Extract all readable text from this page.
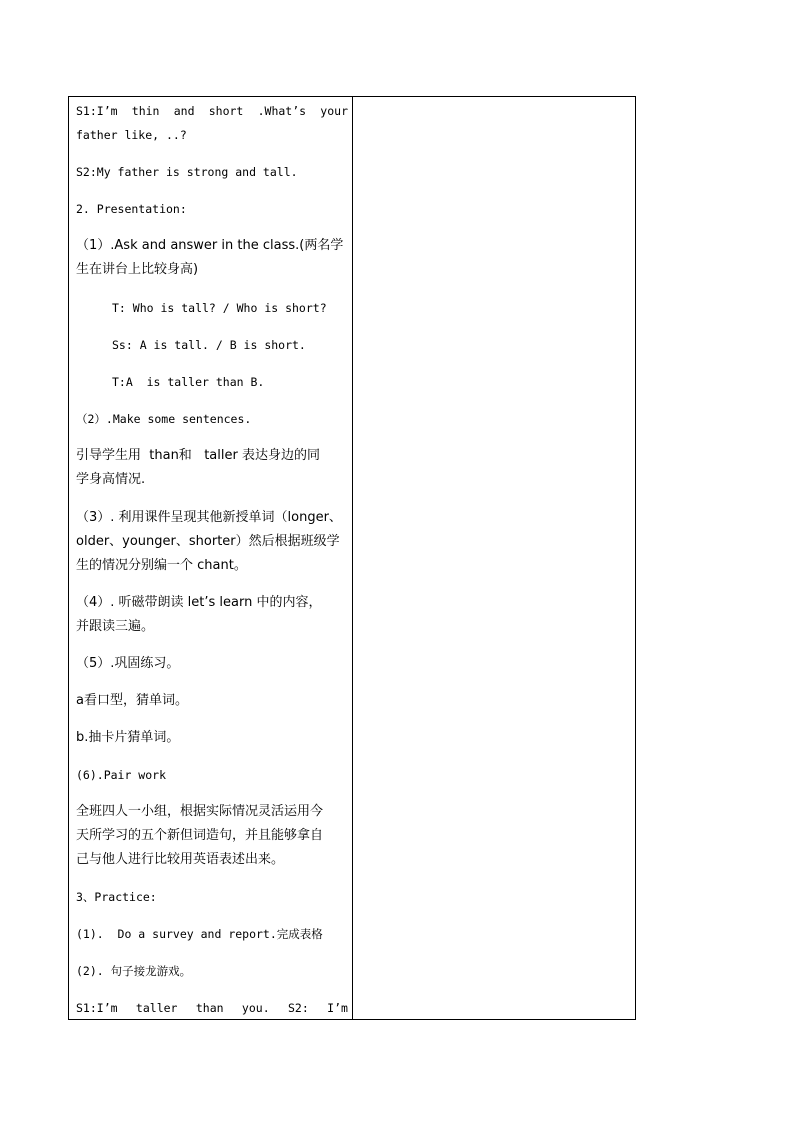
S1:I’m thin and short .What’s your
father like, ..?
S2:My father is strong and tall.
2. Presentation:
（1）.Ask and answer in the class.(两名学
生在讲台上比较身高)
T: Who is tall? / Who is short?
Ss: A is tall. / B is short.
T:A  is taller than B.
（2）.Make some sentences.
引导学生用  than和   taller 表达身边的同
学身高情况.
（3）. 利用课件呈现其他新授单词（longer、
older、younger、shorter）然后根据班级学
生的情况分别编一个 chant。
（4）. 听磁带朗读 let’s learn 中的内容，
并跟读三遍。
（5）.巩固练习。
a看口型，猜单词。
b.抽卡片猜单词。
(6).Pair work
全班四人一小组，根据实际情况灵活运用今
天所学习的五个新但词造句，并且能够拿自
己与他人进行比较用英语表述出来。
3、Practice:
(1).  Do a survey and report.完成表格
(2). 句子接龙游戏。
S1:I’m taller than you. S2: I’m
